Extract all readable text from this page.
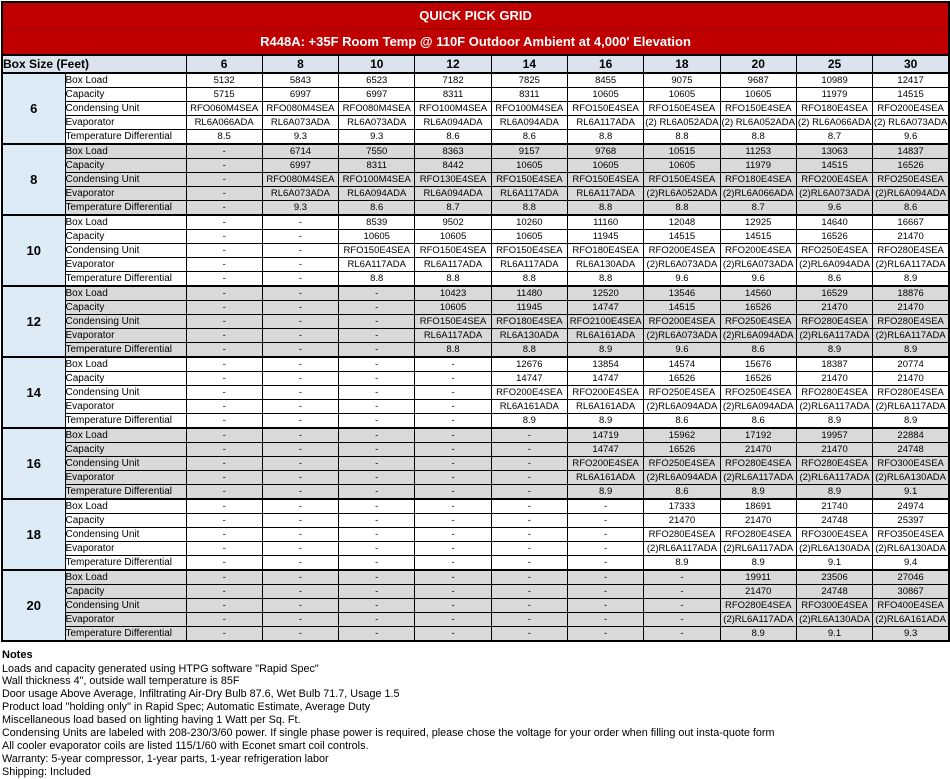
QUICK PICK GRID											
R448A: +35F Room Temp @ 110F Outdoor Ambient at 4,000' Elevation											
Box Size (Feet)		6	8	10	12	14	16	18	20	25	30
6	Box Load	5132	5843	6523	7182	7825	8455	9075	9687	10989	12417
	Capacity	5715	6997	6997	8311	8311	10605	10605	10605	11979	14515
	Condensing Unit	RFO060M4SEA	RFO080M4SEA	RFO080M4SEA	RFO100M4SEA	RFO100M4SEA	RFO150E4SEA	RFO150E4SEA	RFO150E4SEA	RFO180E4SEA	RFO200E4SEA
	Evaporator	RL6A066ADA	RL6A073ADA	RL6A073ADA	RL6A094ADA	RL6A094ADA	RL6A117ADA	(2) RL6A052ADA	(2) RL6A052ADA	(2) RL6A066ADA	(2) RL6A073ADA
	Temperature Differential	8.5	9.3	9.3	8.6	8.6	8.8	8.8	8.8	8.7	9.6
8	Box Load	-	6714	7550	8363	9157	9768	10515	11253	13063	14837
	Capacity	-	6997	8311	8442	10605	10605	10605	11979	14515	16526
	Condensing Unit	-	RFO080M4SEA	RFO100M4SEA	RFO130E4SEA	RFO150E4SEA	RFO150E4SEA	RFO150E4SEA	RFO180E4SEA	RFO200E4SEA	RFO250E4SEA
	Evaporator	-	RL6A073ADA	RL6A094ADA	RL6A094ADA	RL6A117ADA	RL6A117ADA	(2)RL6A052ADA	(2)RL6A066ADA	(2)RL6A073ADA	(2)RL6A094ADA
	Temperature Differential	-	9.3	8.6	8.7	8.8	8.8	8.8	8.7	9.6	8.6
10	Box Load	-	-	8539	9502	10260	11160	12048	12925	14640	16667
	Capacity	-	-	10605	10605	10605	11945	14515	14515	16526	21470
	Condensing Unit	-	-	RFO150E4SEA	RFO150E4SEA	RFO150E4SEA	RFO180E4SEA	RFO200E4SEA	RFO200E4SEA	RFO250E4SEA	RFO280E4SEA
	Evaporator	-	-	RL6A117ADA	RL6A117ADA	RL6A117ADA	RL6A130ADA	(2)RL6A073ADA	(2)RL6A073ADA	(2)RL6A094ADA	(2)RL6A117ADA
	Temperature Differential	-	-	8.8	8.8	8.8	8.8	9.6	9.6	8.6	8.9
12	Box Load	-	-	-	10423	11480	12520	13546	14560	16529	18876
	Capacity	-	-	-	10605	11945	14747	14515	16526	21470	21470
	Condensing Unit	-	-	-	RFO150E4SEA	RFO180E4SEA	RFO2100E4SEA	RFO200E4SEA	RFO250E4SEA	RFO280E4SEA	RFO280E4SEA
	Evaporator	-	-	-	RL6A117ADA	RL6A130ADA	RL6A161ADA	(2)RL6A073ADA	(2)RL6A094ADA	(2)RL6A117ADA	(2)RL6A117ADA
	Temperature Differential	-	-	-	8.8	8.8	8.9	9.6	8.6	8.9	8.9
14	Box Load	-	-	-	-	12676	13854	14574	15676	18387	20774
	Capacity	-	-	-	-	14747	14747	16526	16526	21470	21470
	Condensing Unit	-	-	-	-	RFO200E4SEA	RFO200E4SEA	RFO250E4SEA	RFO250E4SEA	RFO280E4SEA	RFO280E4SEA
	Evaporator	-	-	-	-	RL6A161ADA	RL6A161ADA	(2)RL6A094ADA	(2)RL6A094ADA	(2)RL6A117ADA	(2)RL6A117ADA
	Temperature Differential	-	-	-	-	8.9	8.9	8.6	8.6	8.9	8.9
16	Box Load	-	-	-	-	-	14719	15962	17192	19957	22884
	Capacity	-	-	-	-	-	14747	16526	21470	21470	24748
	Condensing Unit	-	-	-	-	-	RFO200E4SEA	RFO250E4SEA	RFO280E4SEA	RFO280E4SEA	RFO300E4SEA
	Evaporator	-	-	-	-	-	RL6A161ADA	(2)RL6A094ADA	(2)RL6A117ADA	(2)RL6A117ADA	(2)RL6A130ADA
	Temperature Differential	-	-	-	-	-	8.9	8.6	8.9	8.9	9.1
18	Box Load	-	-	-	-	-	-	17333	18691	21740	24974
	Capacity	-	-	-	-	-	-	21470	21470	24748	25397
	Condensing Unit	-	-	-	-	-	-	RFO280E4SEA	RFO280E4SEA	RFO300E4SEA	RFO350E4SEA
	Evaporator	-	-	-	-	-	-	(2)RL6A117ADA	(2)RL6A117ADA	(2)RL6A130ADA	(2)RL6A130ADA
	Temperature Differential	-	-	-	-	-	-	8.9	8.9	9.1	9.4
20	Box Load	-	-	-	-	-	-	-	19911	23506	27046
	Capacity	-	-	-	-	-	-	-	21470	24748	30867
	Condensing Unit	-	-	-	-	-	-	-	RFO280E4SEA	RFO300E4SEA	RFO400E4SEA
	Evaporator	-	-	-	-	-	-	-	(2)RL6A117ADA	(2)RL6A130ADA	(2)RL6A161ADA
	Temperature Differential	-	-	-	-	-	-	-	8.9	9.1	9.3
Notes
Loads and capacity generated using HTPG software "Rapid Spec"
Wall thickness 4", outside wall temperature is 85F
Door usage Above Average, Infiltrating Air-Dry Bulb 87.6, Wet Bulb 71.7, Usage 1.5
Product load "holding only" in Rapid Spec; Automatic Estimate, Average Duty
Miscellaneous load based on lighting having 1 Watt per Sq. Ft.
Condensing Units are labeled with 208-230/3/60 power. If single phase power is required, please chose the voltage for your order when filling out insta-quote form
All cooler evaporator coils are listed 115/1/60 with Econet smart coil controls.
Warranty: 5-year compressor, 1-year parts, 1-year refrigeration labor
Shipping: Included
